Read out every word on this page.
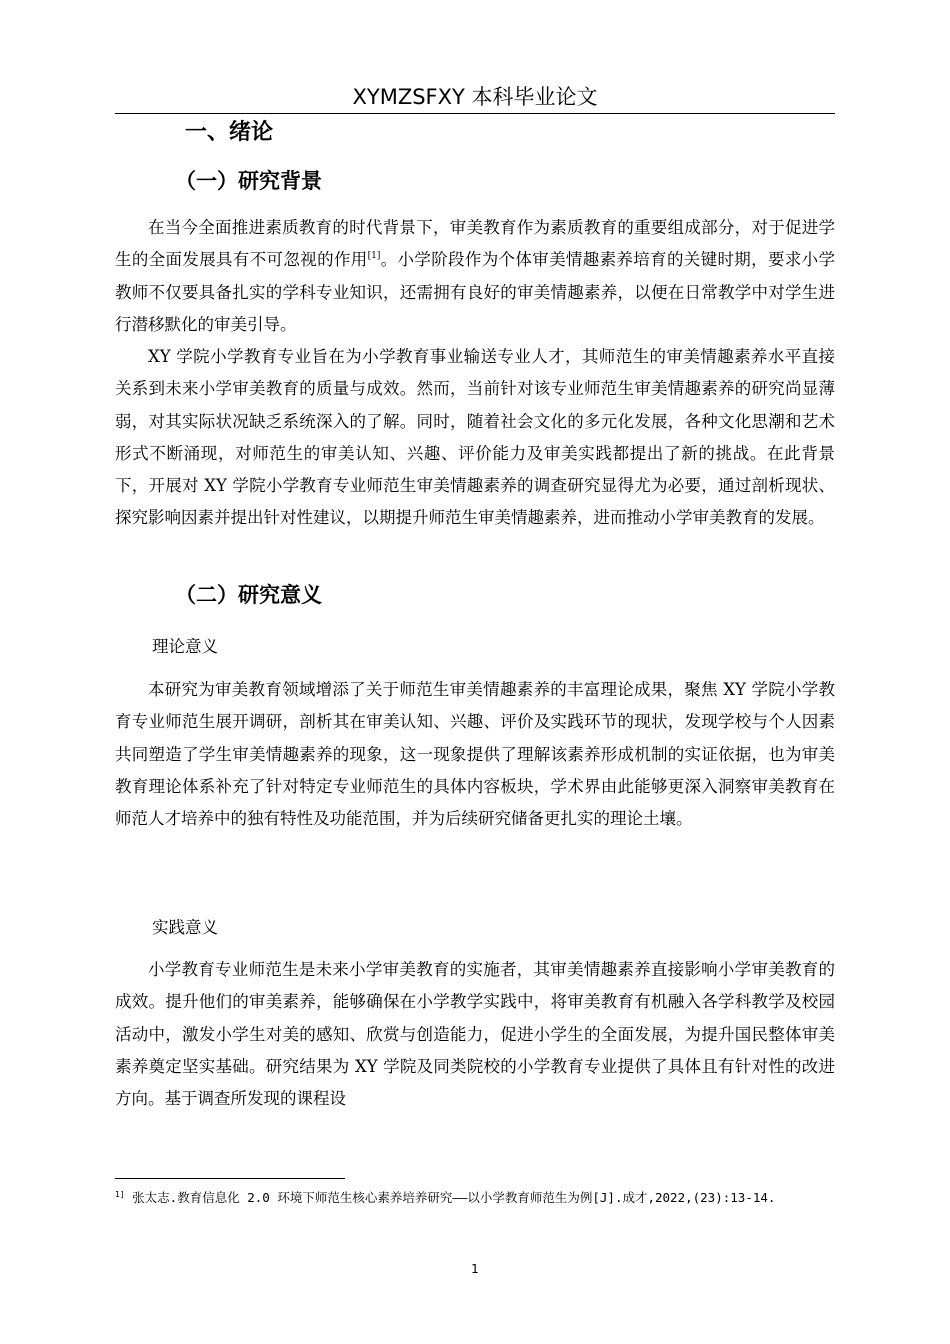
XYMZSFXY 本科毕业论文
一、绪论
（一）研究背景

在当今全面推进素质教育的时代背景下，审美教育作为素质教育的重要组成部分，对于促进学生的全面发展具有不可忽视的作用[1]。小学阶段作为个体审美情趣素养培育的关键时期，要求小学教师不仅要具备扎实的学科专业知识，还需拥有良好的审美情趣素养，以便在日常教学中对学生进行潜移默化的审美引导。

XY 学院小学教育专业旨在为小学教育事业输送专业人才，其师范生的审美情趣素养水平直接关系到未来小学审美教育的质量与成效。然而，当前针对该专业师范生审美情趣素养的研究尚显薄弱，对其实际状况缺乏系统深入的了解。同时，随着社会文化的多元化发展，各种文化思潮和艺术形式不断涌现，对师范生的审美认知、兴趣、评价能力及审美实践都提出了新的挑战。在此背景下，开展对 XY 学院小学教育专业师范生审美情趣素养的调查研究显得尤为必要，通过剖析现状、探究影响因素并提出针对性建议，以期提升师范生审美情趣素养，进而推动小学审美教育的发展。

（二）研究意义
理论意义

本研究为审美教育领域增添了关于师范生审美情趣素养的丰富理论成果，聚焦 XY 学院小学教育专业师范生展开调研，剖析其在审美认知、兴趣、评价及实践环节的现状，发现学校与个人因素共同塑造了学生审美情趣素养的现象，这一现象提供了理解该素养形成机制的实证依据，也为审美教育理论体系补充了针对特定专业师范生的具体内容板块，学术界由此能够更深入洞察审美教育在师范人才培养中的独有特性及功能范围，并为后续研究储备更扎实的理论土壤。

实践意义

小学教育专业师范生是未来小学审美教育的实施者，其审美情趣素养直接影响小学审美教育的成效。提升他们的审美素养，能够确保在小学教学实践中，将审美教育有机融入各学科教学及校园活动中，激发小学生对美的感知、欣赏与创造能力，促进小学生的全面发展，为提升国民整体审美素养奠定坚实基础。研究结果为 XY 学院及同类院校的小学教育专业提供了具体且有针对性的改进方向。基于调查所发现的课程设

$^{1]}$ 张太志.教育信息化 2.0 环境下师范生核心素养培养研究——以小学教育师范生为例[J].成才,2022,(23):13-14.
1
